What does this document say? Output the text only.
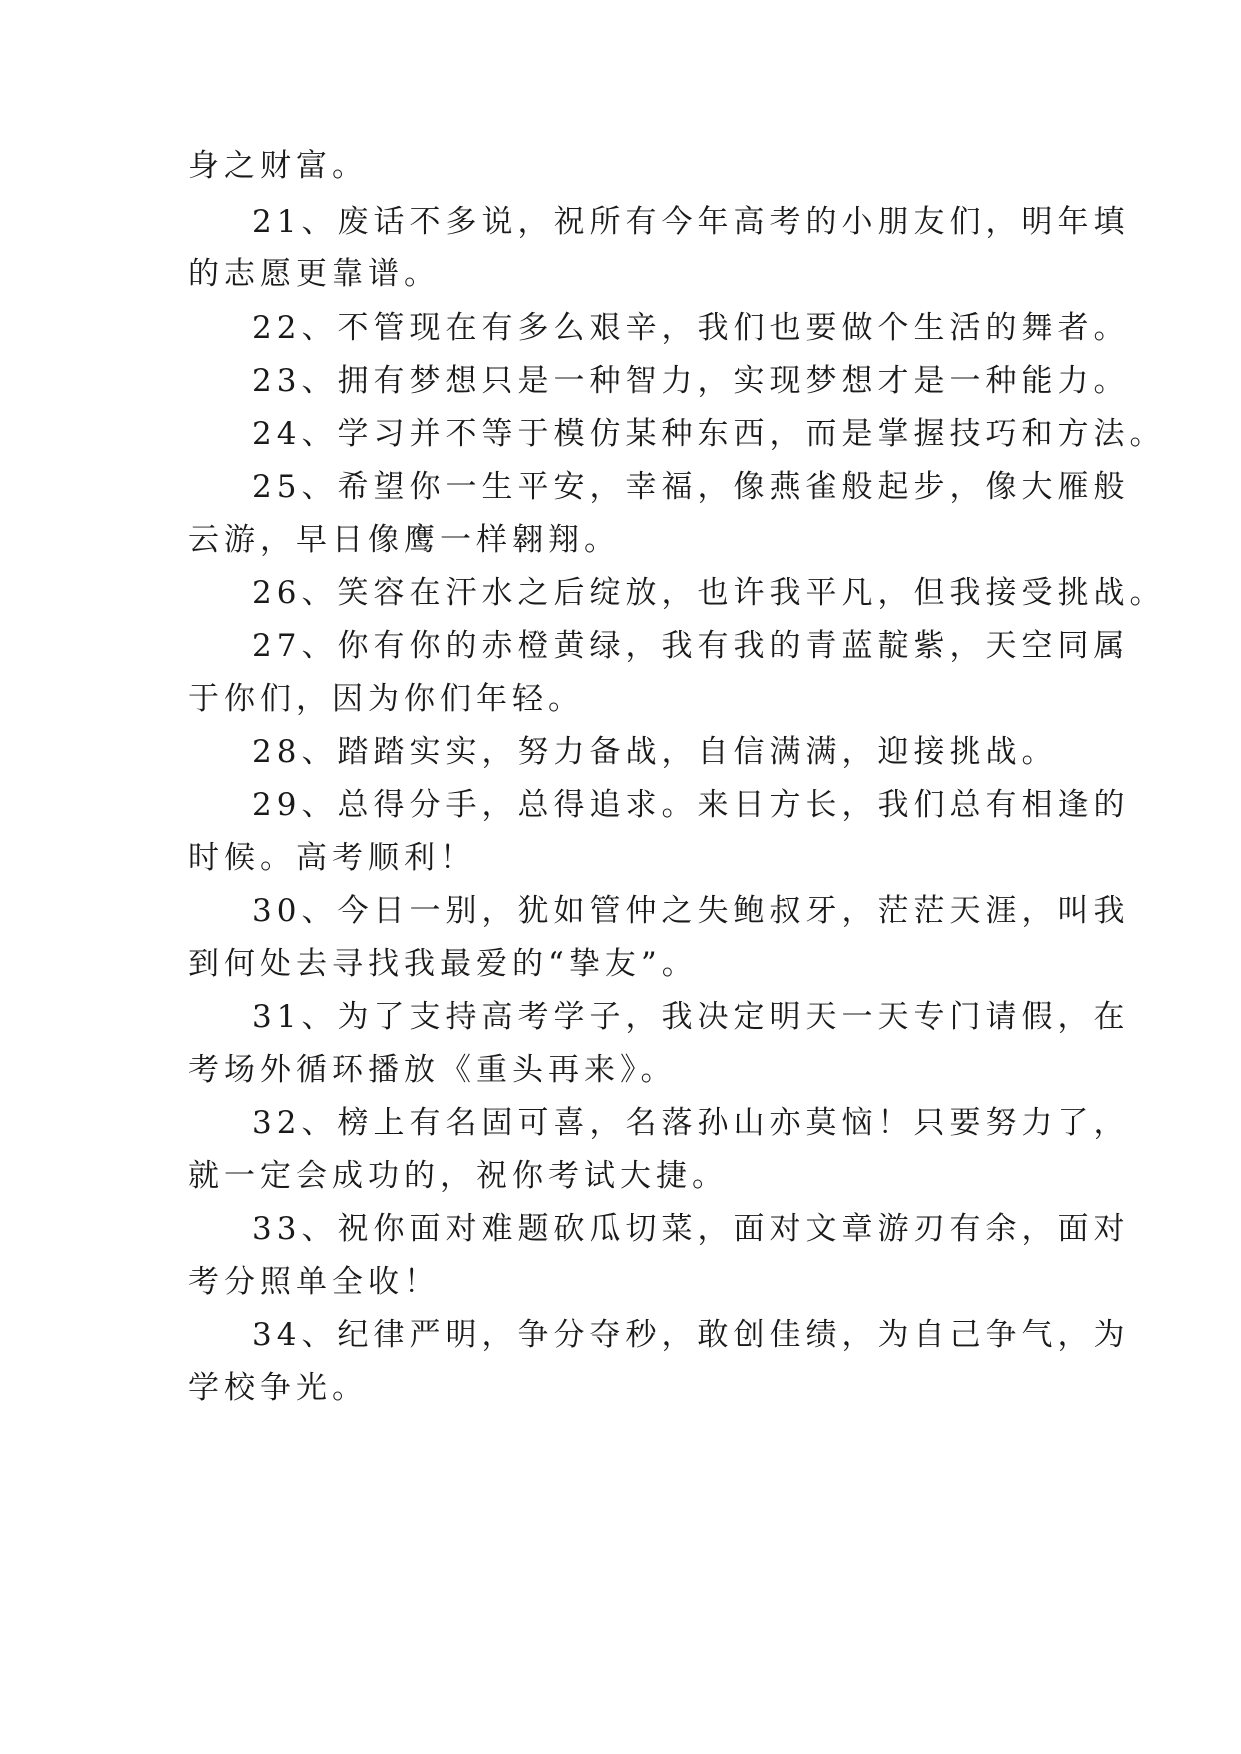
身之财富。
21、废话不多说，祝所有今年高考的小朋友们，明年填
的志愿更靠谱。
22、不管现在有多么艰辛，我们也要做个生活的舞者。
23、拥有梦想只是一种智力，实现梦想才是一种能力。
24、学习并不等于模仿某种东西，而是掌握技巧和方法。
25、希望你一生平安，幸福，像燕雀般起步，像大雁般
云游，早日像鹰一样翱翔。
26、笑容在汗水之后绽放，也许我平凡，但我接受挑战。
27、你有你的赤橙黄绿，我有我的青蓝靛紫，天空同属
于你们，因为你们年轻。
28、踏踏实实，努力备战，自信满满，迎接挑战。
29、总得分手，总得追求。来日方长，我们总有相逢的
时候。高考顺利！
30、今日一别，犹如管仲之失鲍叔牙，茫茫天涯，叫我
到何处去寻找我最爱的“挚友”。
31、为了支持高考学子，我决定明天一天专门请假，在
考场外循环播放《重头再来》。
32、榜上有名固可喜，名落孙山亦莫恼！只要努力了，
就一定会成功的，祝你考试大捷。
33、祝你面对难题砍瓜切菜，面对文章游刃有余，面对
考分照单全收！
34、纪律严明，争分夺秒，敢创佳绩，为自己争气，为
学校争光。
